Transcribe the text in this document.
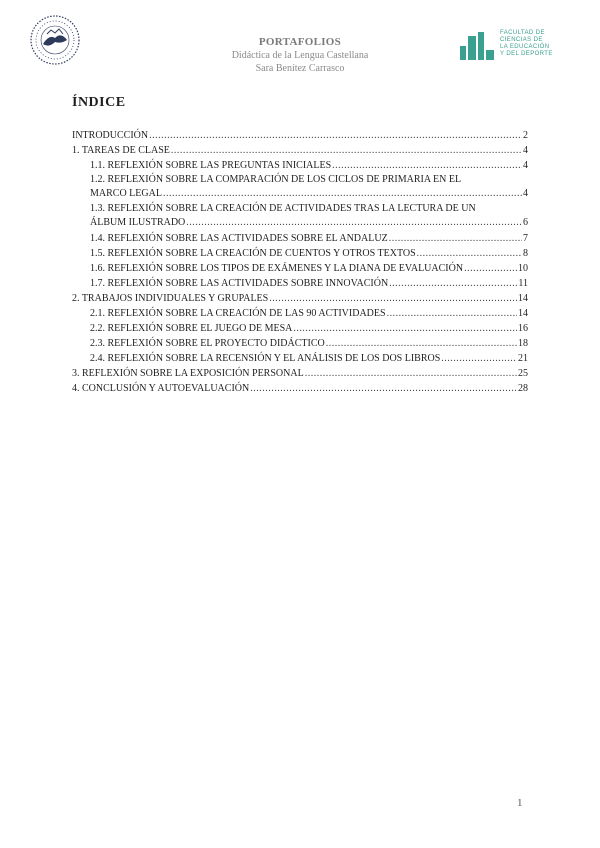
PORTAFOLIOS
Didáctica de la Lengua Castellana
Sara Benítez Carrasco
FACULTAD DE
CIENCIAS DE
LA EDUCACIÓN
Y DEL DEPORTE
ÍNDICE
INTRODUCCIÓN .....	2
1. TAREAS DE CLASE .....	4
1.1. REFLEXIÓN SOBRE LAS PREGUNTAS INICIALES .....	4
1.2. REFLEXIÓN SOBRE LA COMPARACIÓN DE LOS CICLOS DE PRIMARIA EN EL
MARCO LEGAL .....	4
1.3. REFLEXIÓN SOBRE LA CREACIÓN DE ACTIVIDADES TRAS LA LECTURA DE UN
ÁLBUM ILUSTRADO .....	6
1.4. REFLEXIÓN SOBRE LAS ACTIVIDADES SOBRE EL ANDALUZ .....	7
1.5. REFLEXIÓN SOBRE LA CREACIÓN DE CUENTOS Y OTROS TEXTOS .....	8
1.6. REFLEXIÓN SOBRE LOS TIPOS DE EXÁMENES Y LA DIANA DE EVALUACIÓN .....	10
1.7. REFLEXIÓN SOBRE LAS ACTIVIDADES SOBRE INNOVACIÓN .....	11
2. TRABAJOS INDIVIDUALES Y GRUPALES .....	14
2.1. REFLEXIÓN SOBRE LA CREACIÓN DE LAS 90 ACTIVIDADES .....	14
2.2. REFLEXIÓN SOBRE EL JUEGO DE MESA .....	16
2.3. REFLEXIÓN SOBRE EL PROYECTO DIDÁCTICO .....	18
2.4. REFLEXIÓN SOBRE LA RECENSIÓN Y EL ANÁLISIS DE LOS DOS LIBROS .....	21
3. REFLEXIÓN SOBRE LA EXPOSICIÓN PERSONAL .....	25
4. CONCLUSIÓN Y AUTOEVALUACIÓN .....	28
1
